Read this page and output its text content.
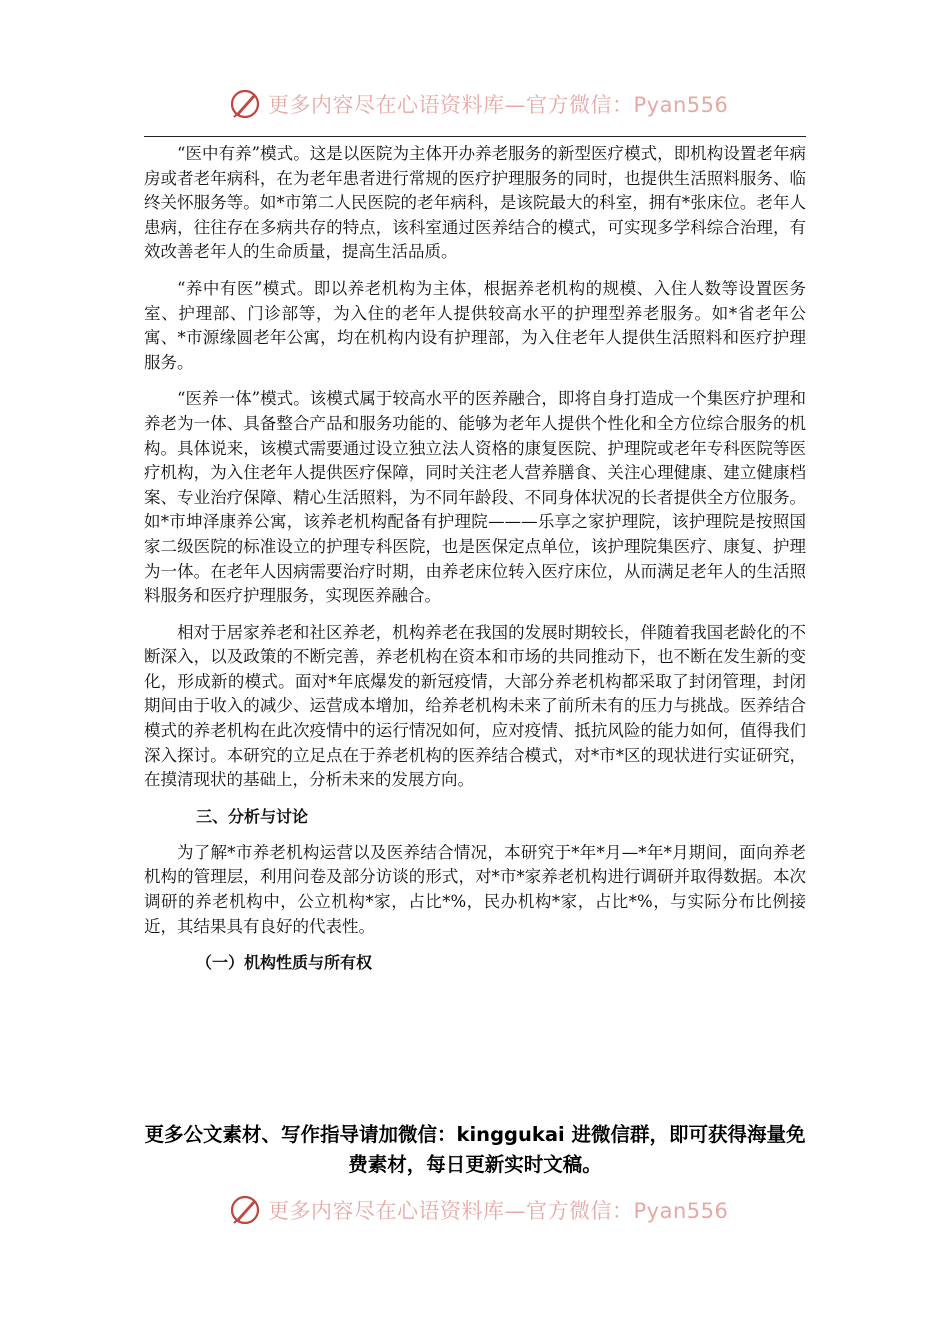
更多内容尽在心语资料库—官方微信：Pyan556

“医中有养”模式。这是以医院为主体开办养老服务的新型医疗模式，即机构设置老年病房或者老年病科，在为老年患者进行常规的医疗护理服务的同时，也提供生活照料服务、临终关怀服务等。如*市第二人民医院的老年病科，是该院最大的科室，拥有*张床位。老年人患病，往往存在多病共存的特点，该科室通过医养结合的模式，可实现多学科综合治理，有效改善老年人的生命质量，提高生活品质。

“养中有医”模式。即以养老机构为主体，根据养老机构的规模、入住人数等设置医务室、护理部、门诊部等，为入住的老年人提供较高水平的护理型养老服务。如*省老年公寓、*市源缘圆老年公寓，均在机构内设有护理部，为入住老年人提供生活照料和医疗护理服务。

“医养一体”模式。该模式属于较高水平的医养融合，即将自身打造成一个集医疗护理和养老为一体、具备整合产品和服务功能的、能够为老年人提供个性化和全方位综合服务的机构。具体说来，该模式需要通过设立独立法人资格的康复医院、护理院或老年专科医院等医疗机构，为入住老年人提供医疗保障，同时关注老人营养膳食、关注心理健康、建立健康档案、专业治疗保障、精心生活照料，为不同年龄段、不同身体状况的长者提供全方位服务。如*市坤泽康养公寓，该养老机构配备有护理院———乐享之家护理院，该护理院是按照国家二级医院的标准设立的护理专科医院，也是医保定点单位，该护理院集医疗、康复、护理为一体。在老年人因病需要治疗时期，由养老床位转入医疗床位，从而满足老年人的生活照料服务和医疗护理服务，实现医养融合。

相对于居家养老和社区养老，机构养老在我国的发展时期较长，伴随着我国老龄化的不断深入，以及政策的不断完善，养老机构在资本和市场的共同推动下，也不断在发生新的变化，形成新的模式。面对*年底爆发的新冠疫情，大部分养老机构都采取了封闭管理，封闭期间由于收入的减少、运营成本增加，给养老机构未来了前所未有的压力与挑战。医养结合模式的养老机构在此次疫情中的运行情况如何，应对疫情、抵抗风险的能力如何，值得我们深入探讨。本研究的立足点在于养老机构的医养结合模式，对*市*区的现状进行实证研究，在摸清现状的基础上，分析未来的发展方向。

三、分析与讨论

为了解*市养老机构运营以及医养结合情况，本研究于*年*月—*年*月期间，面向养老机构的管理层，利用问卷及部分访谈的形式，对*市*家养老机构进行调研并取得数据。本次调研的养老机构中，公立机构*家，占比*%，民办机构*家，占比*%，与实际分布比例接近，其结果具有良好的代表性。

（一）机构性质与所有权
更多公文素材、写作指导请加微信：kinggukai 进微信群，即可获得海量免费素材，每日更新实时文稿。
更多内容尽在心语资料库—官方微信：Pyan556
